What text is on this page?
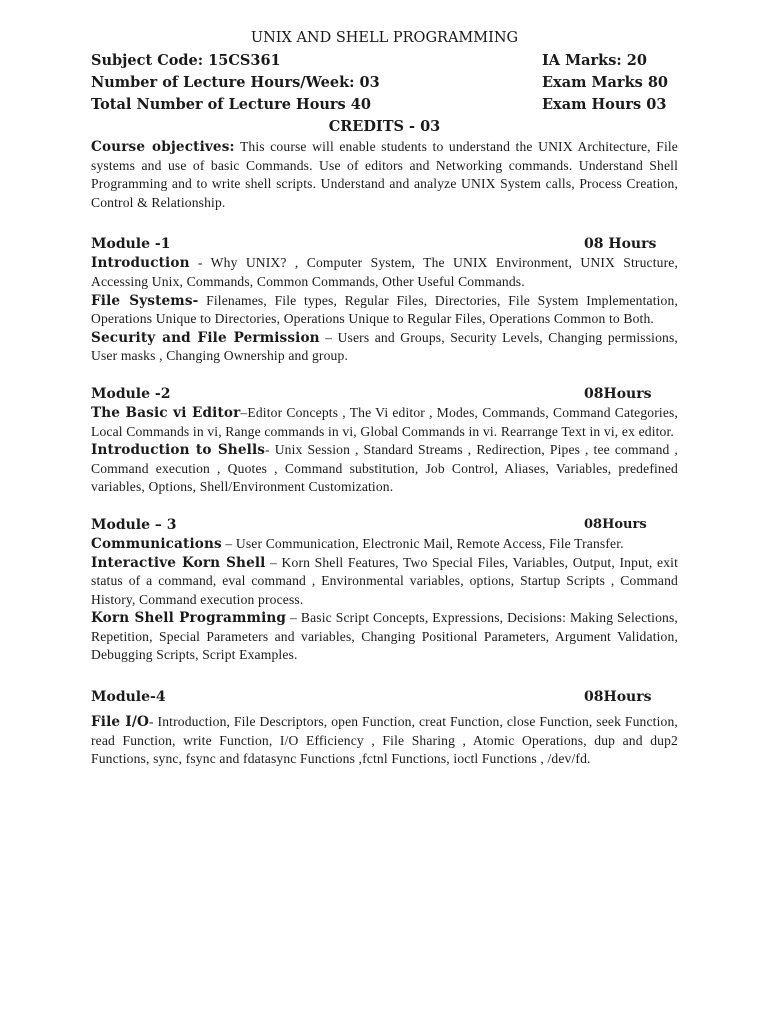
UNIX AND SHELL PROGRAMMING
Subject Code: 15CS361	IA Marks: 20
Number of Lecture Hours/Week: 03	Exam Marks 80
Total Number of Lecture Hours 40	Exam Hours 03
CREDITS - 03

Course objectives: This course will enable students to understand the UNIX Architecture, File systems and use of basic Commands. Use of editors and Networking commands. Understand Shell Programming and to write shell scripts. Understand and analyze UNIX System calls, Process Creation, Control & Relationship.

Module -1	08 Hours

Introduction - Why UNIX? , Computer System, The UNIX Environment, UNIX Structure, Accessing Unix, Commands, Common Commands, Other Useful Commands.

File Systems- Filenames, File types, Regular Files, Directories, File System Implementation, Operations Unique to Directories, Operations Unique to Regular Files, Operations Common to Both.

Security and File Permission – Users and Groups, Security Levels, Changing permissions, User masks , Changing Ownership and group.

Module -2	08Hours

The Basic vi Editor–Editor Concepts , The Vi editor , Modes, Commands, Command Categories, Local Commands in vi, Range commands in vi, Global Commands in vi. Rearrange Text in vi, ex editor.

Introduction to Shells- Unix Session , Standard Streams , Redirection, Pipes , tee command , Command execution , Quotes , Command substitution, Job Control, Aliases, Variables, predefined variables, Options, Shell/Environment Customization.

Module – 3	08Hours

Communications – User Communication, Electronic Mail, Remote Access, File Transfer.

Interactive Korn Shell – Korn Shell Features, Two Special Files, Variables, Output, Input, exit status of a command, eval command , Environmental variables, options, Startup Scripts , Command History, Command execution process.

Korn Shell Programming – Basic Script Concepts, Expressions, Decisions: Making Selections, Repetition, Special Parameters and variables, Changing Positional Parameters, Argument Validation, Debugging Scripts, Script Examples.

Module-4	08Hours

File I/O- Introduction, File Descriptors, open Function, creat Function, close Function, seek Function, read Function, write Function, I/O Efficiency , File Sharing , Atomic Operations, dup and dup2 Functions, sync, fsync and fdatasync Functions ,fctnl Functions, ioctl Functions , /dev/fd.
